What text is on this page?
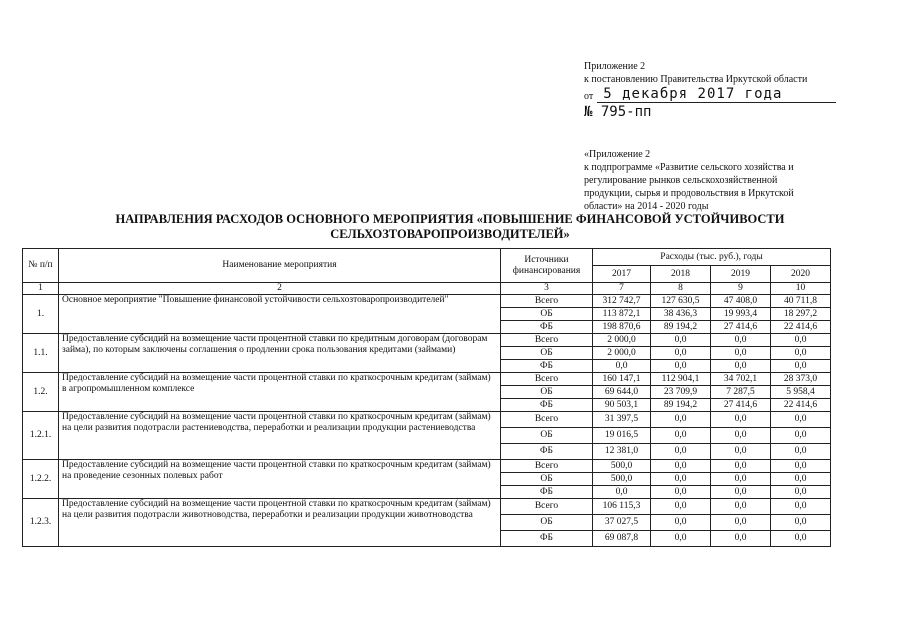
Приложение 2
к постановлению Правительства Иркутской области
от 5 декабря 2017 года
№ 795-пп
«Приложение 2
к подпрограмме «Развитие сельского хозяйства и регулирование рынков сельскохозяйственной продукции, сырья и продовольствия в Иркутской области» на 2014 - 2020 годы
НАПРАВЛЕНИЯ РАСХОДОВ ОСНОВНОГО МЕРОПРИЯТИЯ «ПОВЫШЕНИЕ ФИНАНСОВОЙ УСТОЙЧИВОСТИ
СЕЛЬХОЗТОВАРОПРОИЗВОДИТЕЛЕЙ»
№ п/п	Наименование мероприятия	Источники финансирования	Расходы (тыс. руб.), годы			
			2017	2018	2019	2020
1	2	3	7	8	9	10
1.	Основное мероприятие "Повышение финансовой устойчивости сельхозтоваропроизводителей"	Всего	312 742,7	127 630,5	47 408,0	40 711,8
		ОБ	113 872,1	38 436,3	19 993,4	18 297,2
		ФБ	198 870,6	89 194,2	27 414,6	22 414,6
1.1.	Предоставление субсидий на возмещение части процентной ставки по кредитным договорам (договорам займа), по которым заключены соглашения о продлении срока пользования кредитами (займами)	Всего	2 000,0	0,0	0,0	0,0
		ОБ	2 000,0	0,0	0,0	0,0
		ФБ	0,0	0,0	0,0	0,0
1.2.	Предоставление субсидий на возмещение части процентной ставки по краткосрочным кредитам (займам) в агропромышленном комплексе	Всего	160 147,1	112 904,1	34 702,1	28 373,0
		ОБ	69 644,0	23 709,9	7 287,5	5 958,4
		ФБ	90 503,1	89 194,2	27 414,6	22 414,6
1.2.1.	Предоставление субсидий на возмещение части процентной ставки по краткосрочным кредитам (займам) на цели развития подотрасли растениеводства, переработки и реализации продукции растениеводства	Всего	31 397,5	0,0	0,0	0,0
		ОБ	19 016,5	0,0	0,0	0,0
		ФБ	12 381,0	0,0	0,0	0,0
1.2.2.	Предоставление субсидий на возмещение части процентной ставки по краткосрочным кредитам (займам) на проведение сезонных полевых работ	Всего	500,0	0,0	0,0	0,0
		ОБ	500,0	0,0	0,0	0,0
		ФБ	0,0	0,0	0,0	0,0
1.2.3.	Предоставление субсидий на возмещение части процентной ставки по краткосрочным кредитам (займам) на цели развития подотрасли животноводства, переработки и реализации продукции животноводства	Всего	106 115,3	0,0	0,0	0,0
		ОБ	37 027,5	0,0	0,0	0,0
		ФБ	69 087,8	0,0	0,0	0,0
